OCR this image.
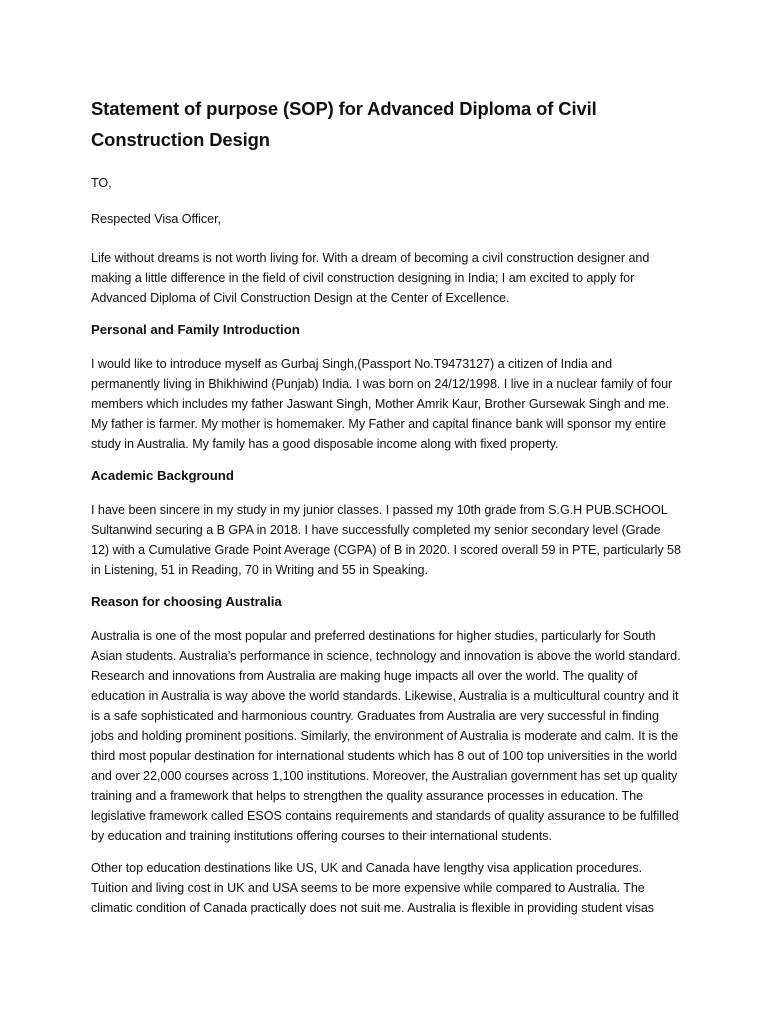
Statement of purpose (SOP) for Advanced Diploma of Civil Construction Design

TO,

Respected Visa Officer,

Life without dreams is not worth living for. With a dream of becoming a civil construction designer and making a little difference in the field of civil construction designing in India; I am excited to apply for Advanced Diploma of Civil Construction Design at the Center of Excellence.

Personal and Family Introduction

I would like to introduce myself as Gurbaj Singh,(Passport No.T9473127) a citizen of India and permanently living in Bhikhiwind (Punjab) India. I was born on 24/12/1998. I live in a nuclear family of four members which includes my father Jaswant Singh, Mother Amrik Kaur, Brother Gursewak Singh and me. My father is farmer. My mother is homemaker. My Father and capital finance bank will sponsor my entire study in Australia. My family has a good disposable income along with fixed property.

Academic Background

I have been sincere in my study in my junior classes. I passed my 10th grade from S.G.H PUB.SCHOOL Sultanwind securing a B GPA in 2018. I have successfully completed my senior secondary level (Grade 12) with a Cumulative Grade Point Average (CGPA) of B in 2020. I scored overall 59 in PTE, particularly 58 in Listening, 51 in Reading, 70 in Writing and 55 in Speaking.

Reason for choosing Australia

Australia is one of the most popular and preferred destinations for higher studies, particularly for South Asian students. Australia’s performance in science, technology and innovation is above the world standard. Research and innovations from Australia are making huge impacts all over the world. The quality of education in Australia is way above the world standards. Likewise, Australia is a multicultural country and it is a safe sophisticated and harmonious country. Graduates from Australia are very successful in finding jobs and holding prominent positions. Similarly, the environment of Australia is moderate and calm. It is the third most popular destination for international students which has 8 out of 100 top universities in the world and over 22,000 courses across 1,100 institutions. Moreover, the Australian government has set up quality training and a framework that helps to strengthen the quality assurance processes in education. The legislative framework called ESOS contains requirements and standards of quality assurance to be fulfilled by education and training institutions offering courses to their international students.

Other top education destinations like US, UK and Canada have lengthy visa application procedures. Tuition and living cost in UK and USA seems to be more expensive while compared to Australia. The climatic condition of Canada practically does not suit me. Australia is flexible in providing student visas
